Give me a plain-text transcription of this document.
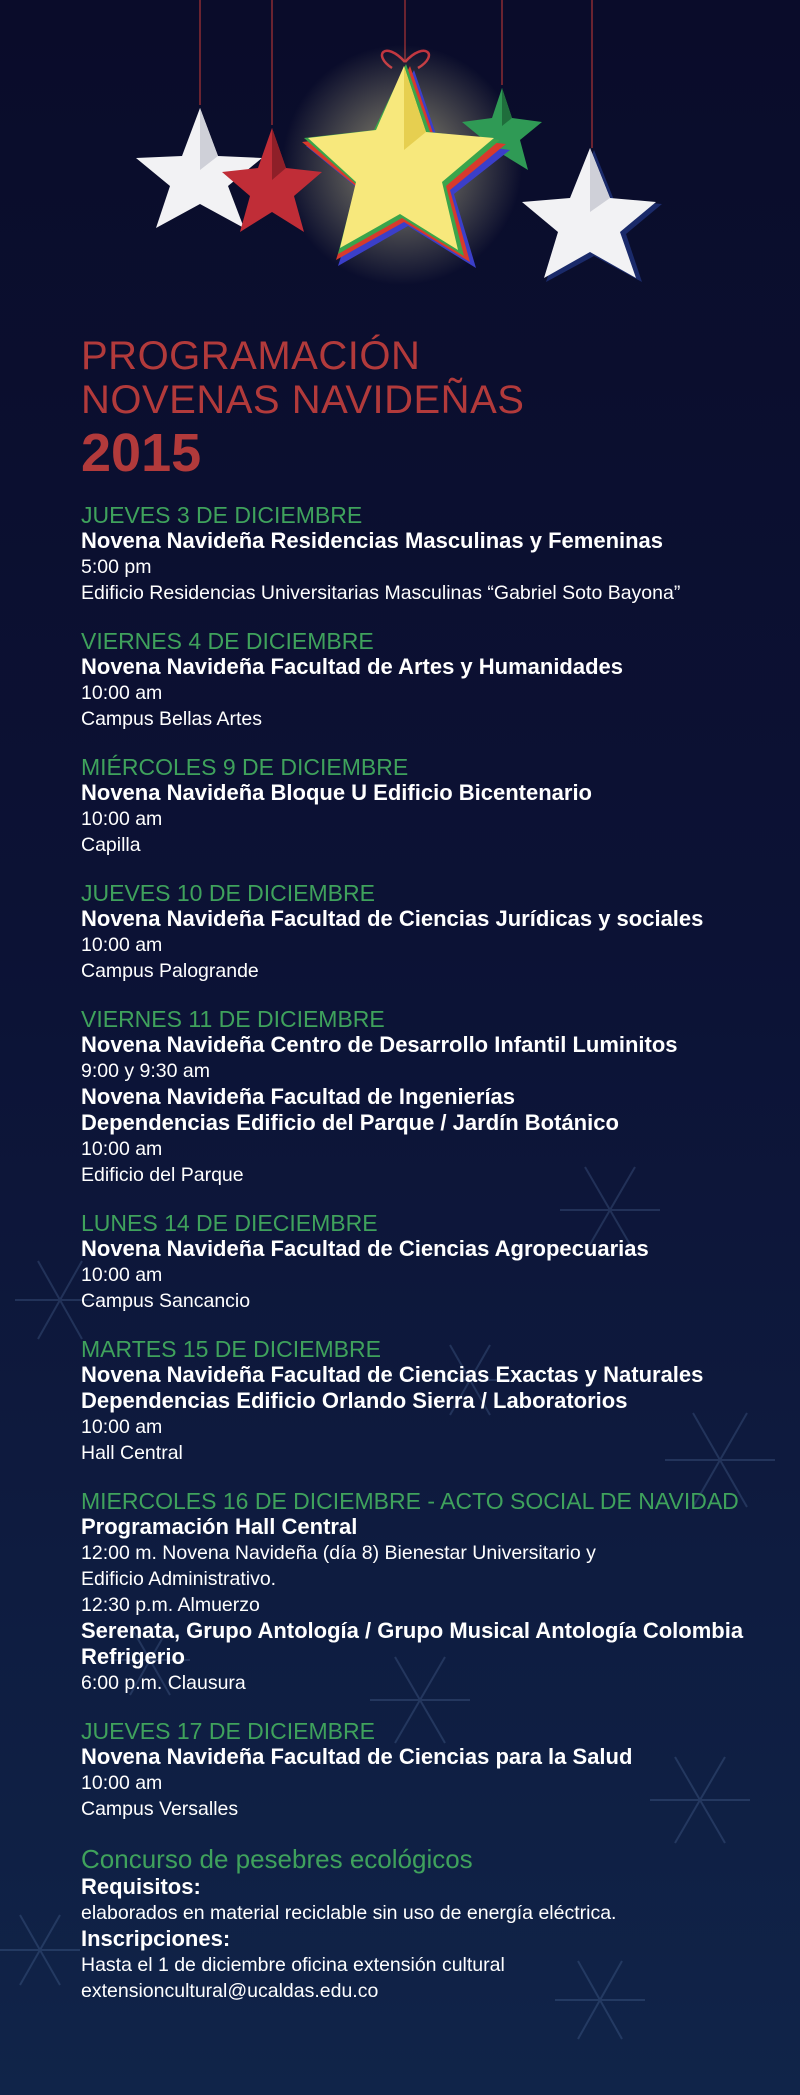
PROGRAMACIÓN
NOVENAS NAVIDEÑAS
2015
JUEVES 3 DE DICIEMBRE
Novena Navideña Residencias Masculinas y Femeninas
5:00 pm
Edificio Residencias Universitarias Masculinas “Gabriel Soto Bayona”
VIERNES 4 DE DICIEMBRE
Novena Navideña Facultad de Artes y Humanidades
10:00 am
Campus Bellas Artes
MIÉRCOLES 9 DE DICIEMBRE
Novena Navideña Bloque U Edificio Bicentenario
10:00 am
Capilla
JUEVES 10 DE DICIEMBRE
Novena Navideña Facultad de Ciencias Jurídicas y sociales
10:00 am
Campus Palogrande
VIERNES 11 DE DICIEMBRE
Novena Navideña Centro de Desarrollo Infantil Luminitos
9:00 y 9:30 am
Novena Navideña Facultad de Ingenierías
Dependencias Edificio del Parque / Jardín Botánico
10:00 am
Edificio del Parque
LUNES 14 DE DIECIEMBRE
Novena Navideña Facultad de Ciencias Agropecuarias
10:00 am
Campus Sancancio
MARTES 15 DE DICIEMBRE
Novena Navideña Facultad de Ciencias Exactas y Naturales
Dependencias Edificio Orlando Sierra / Laboratorios
10:00 am
Hall Central
MIERCOLES 16 DE DICIEMBRE - ACTO SOCIAL DE NAVIDAD
Programación Hall Central
12:00 m. Novena Navideña (día 8) Bienestar Universitario y
Edificio Administrativo.
12:30 p.m. Almuerzo
Serenata, Grupo Antología / Grupo Musical Antología Colombia
Refrigerio
6:00 p.m. Clausura
JUEVES 17 DE DICIEMBRE
Novena Navideña Facultad de Ciencias para la Salud
10:00 am
Campus Versalles
Concurso de pesebres ecológicos
Requisitos:
elaborados en material reciclable sin uso de energía eléctrica.
Inscripciones:
Hasta el 1 de diciembre oficina extensión cultural
extensioncultural@ucaldas.edu.co
